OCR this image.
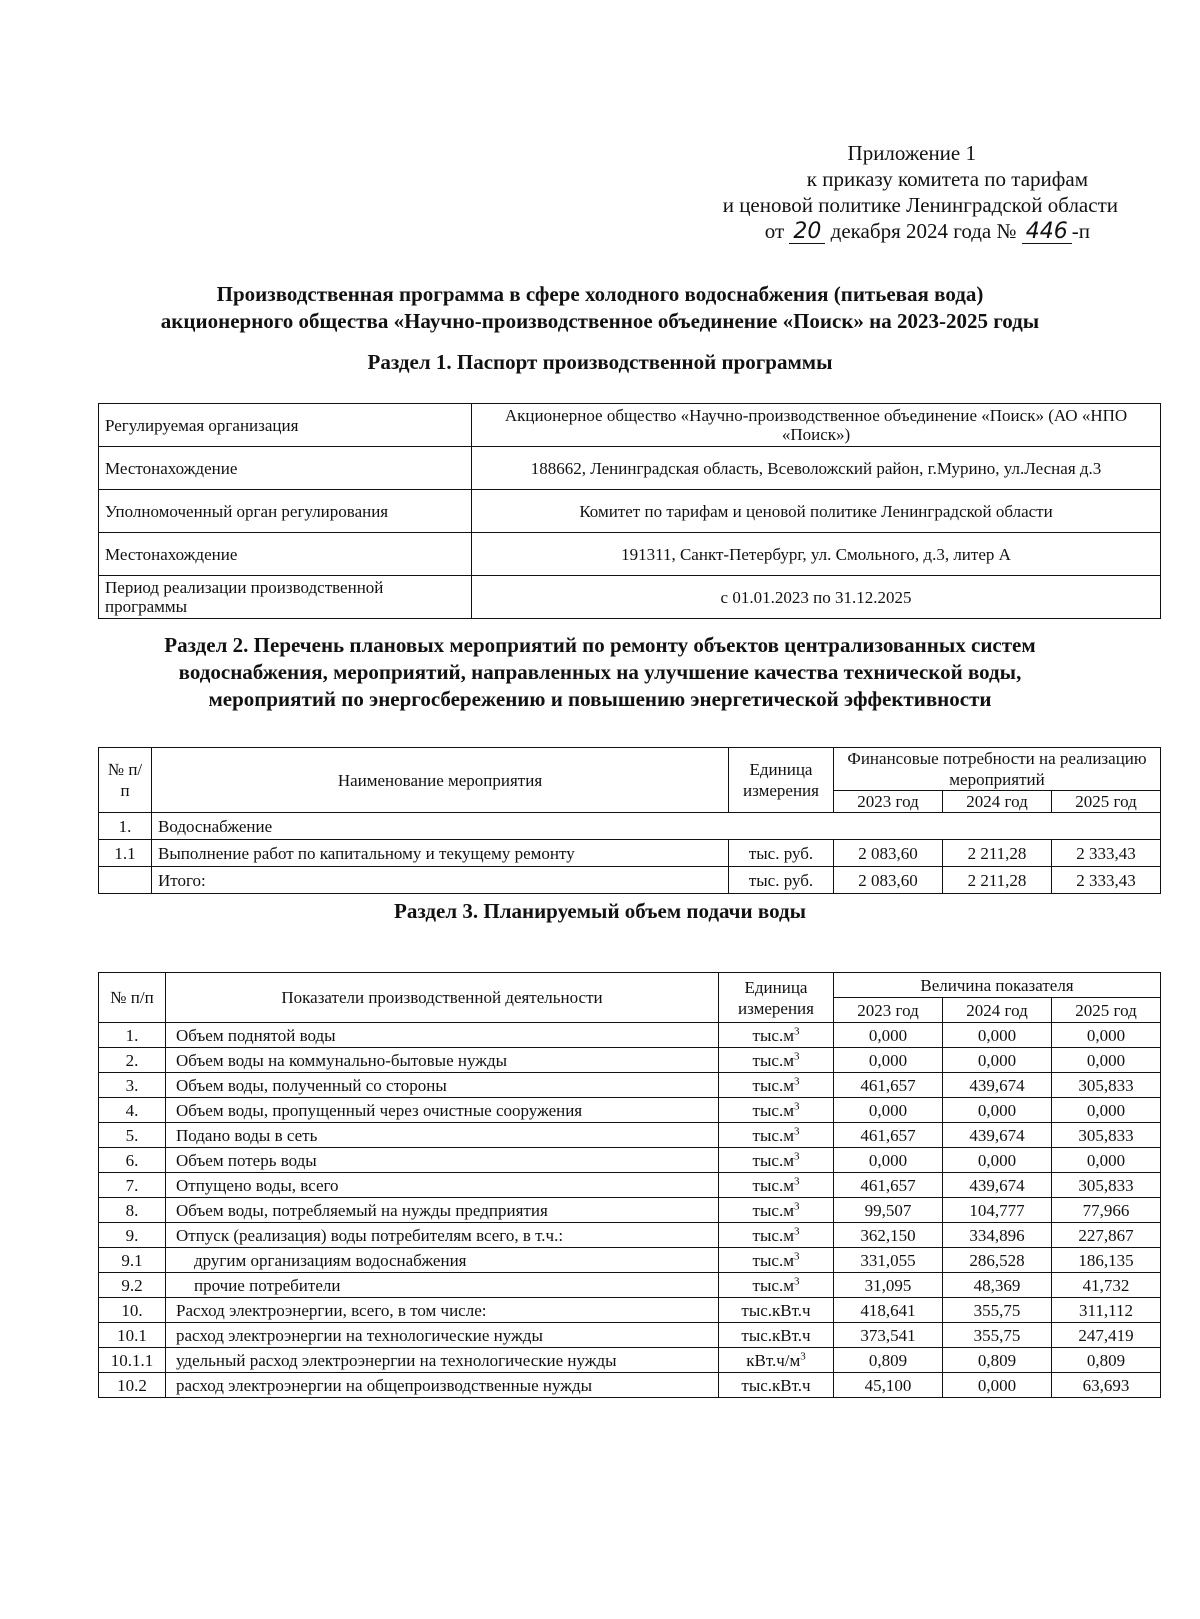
Приложение 1
к приказу комитета по тарифам
и ценовой политике Ленинградской области
от 20 декабря 2024 года № 446 -п
Производственная программа в сфере холодного водоснабжения (питьевая вода)
акционерного общества «Научно-производственное объединение «Поиск» на 2023-2025 годы
Раздел 1. Паспорт производственной программы
Регулируемая организация	Акционерное общество «Научно-производственное объединение «Поиск» (АО «НПО «Поиск»)
Местонахождение	188662, Ленинградская область, Всеволожский район, г.Мурино, ул.Лесная д.3
Уполномоченный орган регулирования	Комитет по тарифам и ценовой политике Ленинградской области
Местонахождение	191311, Санкт-Петербург, ул. Смольного, д.3, литер А
Период реализации производственной программы	с 01.01.2023 по 31.12.2025
Раздел 2. Перечень плановых мероприятий по ремонту объектов централизованных систем
водоснабжения, мероприятий, направленных на улучшение качества технической воды,
мероприятий по энергосбережению и повышению энергетической эффективности
№ п/п	Наименование мероприятия	Единица измерения	Финансовые потребности на реализацию мероприятий		
			2023 год	2024 год	2025 год
1.	Водоснабжение				
1.1	Выполнение работ по капитальному и текущему ремонту	тыс. руб.	2 083,60	2 211,28	2 333,43
	Итого:	тыс. руб.	2 083,60	2 211,28	2 333,43
Раздел 3. Планируемый объем подачи воды
№ п/п	Показатели производственной деятельности	Единица измерения	Величина показателя		
			2023 год	2024 год	2025 год
1.	Объем поднятой воды	$тыс.м^3$	0,000	0,000	0,000
2.	Объем воды на коммунально-бытовые нужды	$тыс.м^3$	0,000	0,000	0,000
3.	Объем воды, полученный со стороны	$тыс.м^3$	461,657	439,674	305,833
4.	Объем воды, пропущенный через очистные сооружения	$тыс.м^3$	0,000	0,000	0,000
5.	Подано воды в сеть	$тыс.м^3$	461,657	439,674	305,833
6.	Объем потерь воды	$тыс.м^3$	0,000	0,000	0,000
7.	Отпущено воды, всего	$тыс.м^3$	461,657	439,674	305,833
8.	Объем воды, потребляемый на нужды предприятия	$тыс.м^3$	99,507	104,777	77,966
9.	Отпуск (реализация) воды потребителям всего, в т.ч.:	$тыс.м^3$	362,150	334,896	227,867
9.1	другим организациям водоснабжения	$тыс.м^3$	331,055	286,528	186,135
9.2	прочие потребители	$тыс.м^3$	31,095	48,369	41,732
10.	Расход электроэнергии, всего, в том числе:	тыс.кВт.ч	418,641	355,75	311,112
10.1	расход электроэнергии на технологические нужды	тыс.кВт.ч	373,541	355,75	247,419
10.1.1	удельный расход электроэнергии на технологические нужды	$кВт.ч/м^3$	0,809	0,809	0,809
10.2	расход электроэнергии на общепроизводственные нужды	тыс.кВт.ч	45,100	0,000	63,693
